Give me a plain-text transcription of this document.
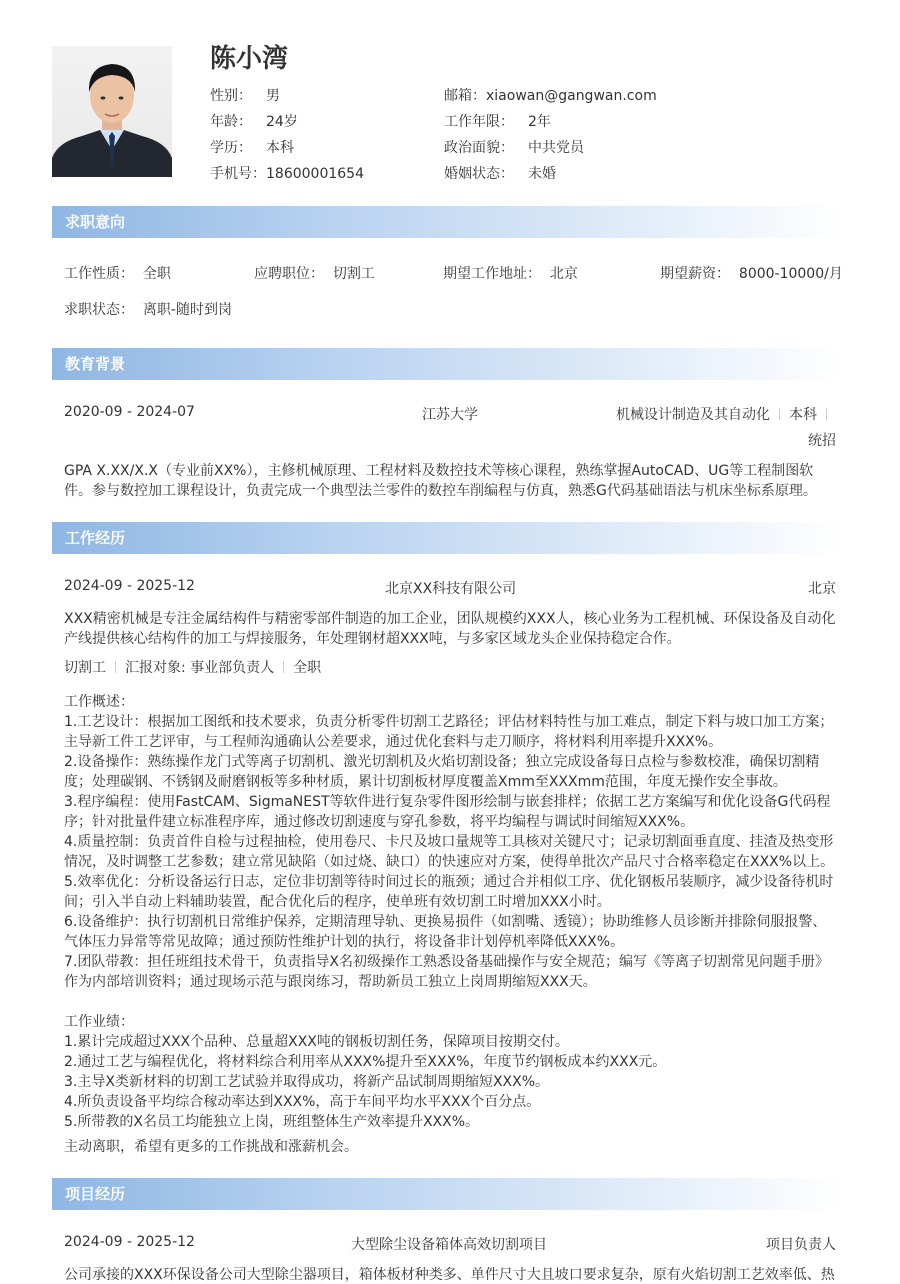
陈小湾
性别： 男	邮箱：xiaowan@gangwan.com
年龄： 24岁	工作年限： 2年
学历： 本科	政治面貌： 中共党员
手机号：18600001654	婚姻状态： 未婚
求职意向
工作性质： 全职	应聘职位： 切割工	期望工作地址： 北京	期望薪资： 8000-10000/月
求职状态： 离职-随时到岗
教育背景
2020-09 - 2024-07	江苏大学	机械设计制造及其自动化 本科
统招
GPA X.XX/X.X（专业前XX%），主修机械原理、工程材料及数控技术等核心课程，熟练掌握AutoCAD、UG等工程制图软件。参与数控加工课程设计，负责完成一个典型法兰零件的数控车削编程与仿真，熟悉G代码基础语法与机床坐标系原理。
工作经历
2024-09 - 2025-12	北京XX科技有限公司	北京
XXX精密机械是专注金属结构件与精密零部件制造的加工企业，团队规模约XXX人，核心业务为工程机械、环保设备及自动化产线提供核心结构件的加工与焊接服务，年处理钢材超XXX吨，与多家区域龙头企业保持稳定合作。
切割工 汇报对象: 事业部负责人 全职
工作概述：
1.工艺设计：根据加工图纸和技术要求，负责分析零件切割工艺路径；评估材料特性与加工难点，制定下料与坡口加工方案；主导新工件工艺评审，与工程师沟通确认公差要求，通过优化套料与走刀顺序，将材料利用率提升XXX%。
2.设备操作：熟练操作龙门式等离子切割机、激光切割机及火焰切割设备；独立完成设备每日点检与参数校准，确保切割精度；处理碳钢、不锈钢及耐磨钢板等多种材质，累计切割板材厚度覆盖Xmm至XXXmm范围，年度无操作安全事故。
3.程序编程：使用FastCAM、SigmaNEST等软件进行复杂零件图形绘制与嵌套排样；依据工艺方案编写和优化设备G代码程序；针对批量件建立标准程序库，通过修改切割速度与穿孔参数，将平均编程与调试时间缩短XXX%。
4.质量控制：负责首件自检与过程抽检，使用卷尺、卡尺及坡口量规等工具核对关键尺寸；记录切割面垂直度、挂渣及热变形情况，及时调整工艺参数；建立常见缺陷（如过烧、缺口）的快速应对方案，使得单批次产品尺寸合格率稳定在XXX%以上。
5.效率优化：分析设备运行日志，定位非切割等待时间过长的瓶颈；通过合并相似工序、优化钢板吊装顺序，减少设备待机时间；引入半自动上料辅助装置，配合优化后的程序，使单班有效切割工时增加XXX小时。
6.设备维护：执行切割机日常维护保养，定期清理导轨、更换易损件（如割嘴、透镜）；协助维修人员诊断并排除伺服报警、气体压力异常等常见故障；通过预防性维护计划的执行，将设备非计划停机率降低XXX%。
7.团队带教：担任班组技术骨干，负责指导X名初级操作工熟悉设备基础操作与安全规范；编写《等离子切割常见问题手册》作为内部培训资料；通过现场示范与跟岗练习，帮助新员工独立上岗周期缩短XXX天。
工作业绩：
1.累计完成超过XXX个品种、总量超XXX吨的钢板切割任务，保障项目按期交付。
2.通过工艺与编程优化，将材料综合利用率从XXX%提升至XXX%，年度节约钢板成本约XXX元。
3.主导X类新材料的切割工艺试验并取得成功，将新产品试制周期缩短XXX%。
4.所负责设备平均综合稼动率达到XXX%，高于车间平均水平XXX个百分点。
5.所带教的X名员工均能独立上岗，班组整体生产效率提升XXX%。
主动离职，希望有更多的工作挑战和涨薪机会。
项目经历
2024-09 - 2025-12	大型除尘设备箱体高效切割项目	项目负责人
公司承接的XXX环保设备公司大型除尘器项目，箱体板材种类多、单件尺寸大且坡口要求复杂，原有火焰切割工艺效率低、热
